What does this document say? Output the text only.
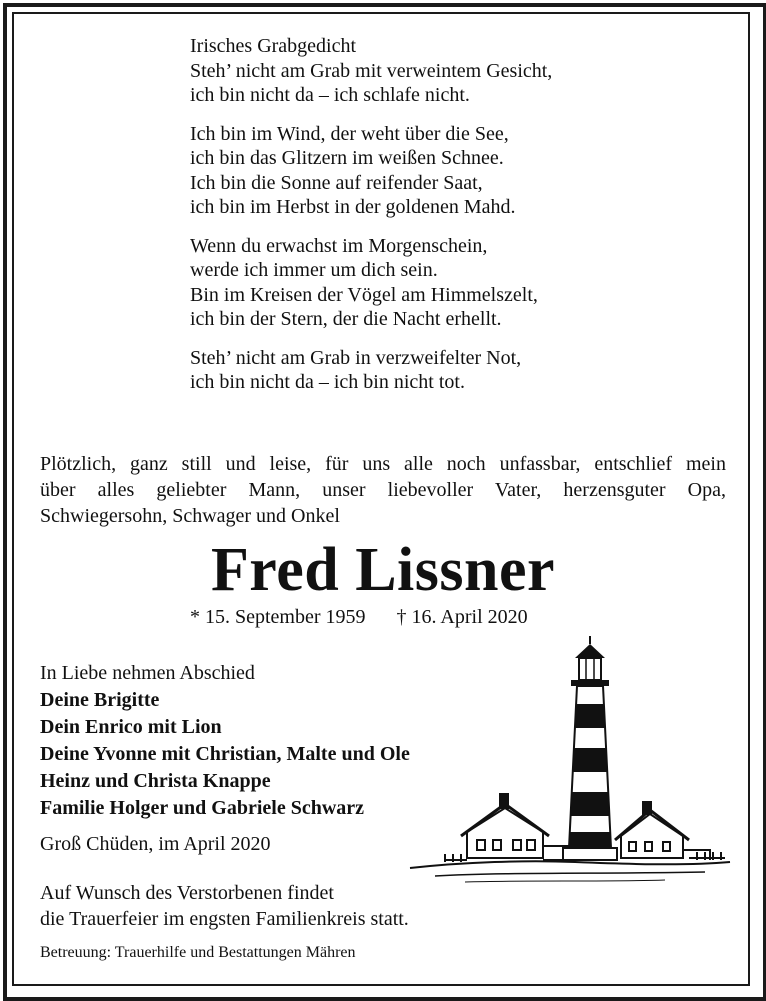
Irisches Grabgedicht
Steh’ nicht am Grab mit verweintem Gesicht,
ich bin nicht da – ich schlafe nicht.
Ich bin im Wind, der weht über die See,
ich bin das Glitzern im weißen Schnee.
Ich bin die Sonne auf reifender Saat,
ich bin im Herbst in der goldenen Mahd.
Wenn du erwachst im Morgenschein,
werde ich immer um dich sein.
Bin im Kreisen der Vögel am Himmelszelt,
ich bin der Stern, der die Nacht erhellt.
Steh’ nicht am Grab in verzweifelter Not,
ich bin nicht da – ich bin nicht tot.
Plötzlich, ganz still und leise, für uns alle noch unfassbar, entschlief mein
über alles geliebter Mann, unser liebevoller Vater, herzensguter Opa,
Schwiegersohn, Schwager und Onkel
Fred Lissner
* 15. September 1959 † 16. April 2020
In Liebe nehmen Abschied
Deine Brigitte
Dein Enrico mit Lion
Deine Yvonne mit Christian, Malte und Ole
Heinz und Christa Knappe
Familie Holger und Gabriele Schwarz
Groß Chüden, im April 2020
Auf Wunsch des Verstorbenen findet
die Trauerfeier im engsten Familienkreis statt.
Betreuung: Trauerhilfe und Bestattungen Mähren
